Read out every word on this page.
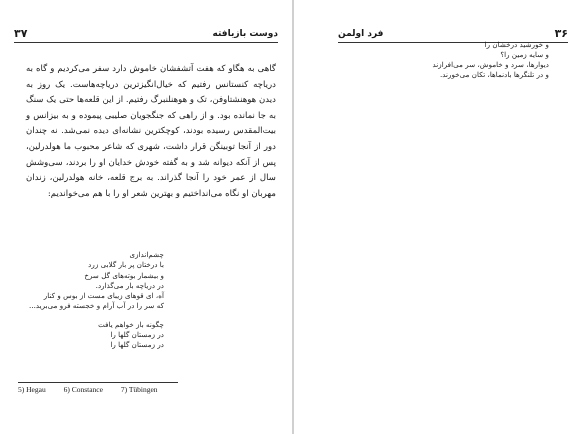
۳۷	دوست بازیافته

گاهی به هگاو که هفت آتشفشان خاموش دارد سفر می‌کردیم و گاه به دریاچه کنستانس رفتیم که خیال‌انگیزترین دریاچه‌هاست. یک روز به دیدن هوهنشتاوفن، تک و هوهنلنبرگ رفتیم. از این قلعه‌ها حتی یک سنگ به جا نمانده بود. و از راهی که جنگجویان صلیبی پیموده و به بیزانس و بیت‌المقدس رسیده بودند، کوچکترین نشانه‌ای دیده نمی‌شد. نه چندان دور از آنجا توبینگن قرار داشت، شهری که شاعر محبوب ما هولدرلین، پس از آنکه دیوانه شد و به گفته خودش خدایان او را بردند، سی‌وشش سال از عمر خود را آنجا گذراند. به برج قلعه، خانه هولدرلین، زندان مهربان او نگاه می‌انداختیم و بهترین شعر او را با هم می‌خواندیم:

چشم‌اندازی
با درختان پر بار گلابی زرد
و بیشمار بوته‌های گل سرخ
در دریاچه بار می‌گذارد.
آه، ای قوهای زیبای مست از بوس و کنار
که سر را در آب آرام و خجسته فرو می‌برید...
چگونه باز خواهم یافت
در زمستان گلها را
در زمستان گلها را
5) Hegau 6) Constance 7) Tübingen
فرد اولمن	۳۶
و خورشید درخشان را
و سایه زمین را؟
دیوارها، سرد و خاموش، سر می‌افرازند
و در تلنگرها بادنماها، تکان می‌خورند.
